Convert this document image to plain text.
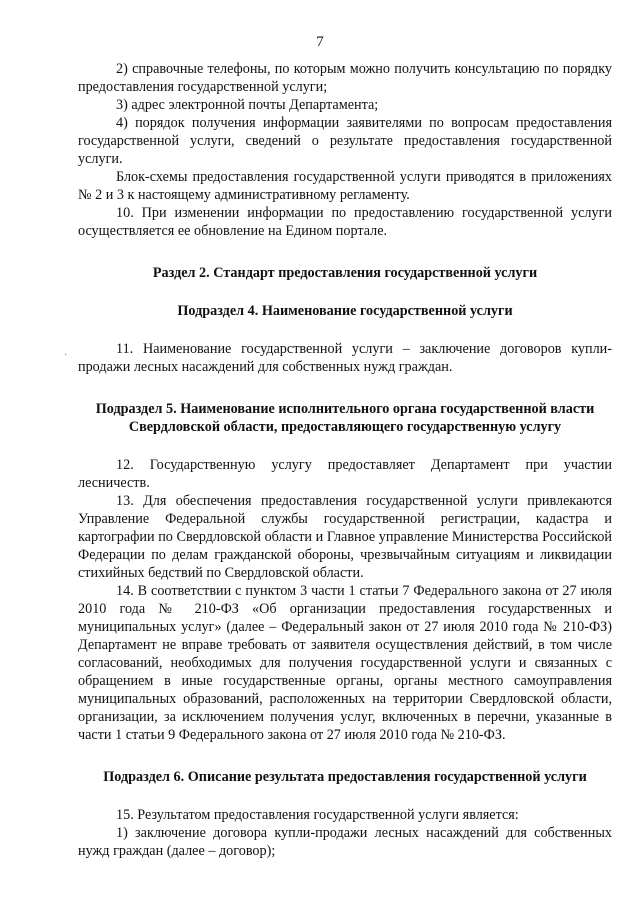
7

2) справочные телефоны, по которым можно получить консультацию по порядку предоставления государственной услуги;

3) адрес электронной почты Департамента;

4) порядок получения информации заявителями по вопросам предоставления государственной услуги, сведений о результате предоставления государственной услуги.

Блок-схемы предоставления государственной услуги приводятся в приложениях № 2 и 3 к настоящему административному регламенту.

10. При изменении информации по предоставлению государственной услуги осуществляется ее обновление на Едином портале.

Раздел 2. Стандарт предоставления государственной услуги

Подраздел 4. Наименование государственной услуги

11. Наименование государственной услуги – заключение договоров купли-продажи лесных насаждений для собственных нужд граждан.

Подраздел 5. Наименование исполнительного органа государственной власти Свердловской области, предоставляющего государственную услугу

12. Государственную услугу предоставляет Департамент при участии лесничеств.

13. Для обеспечения предоставления государственной услуги привлекаются Управление Федеральной службы государственной регистрации, кадастра и картографии по Свердловской области и Главное управление Министерства Российской Федерации по делам гражданской обороны, чрезвычайным ситуациям и ликвидации стихийных бедствий по Свердловской области.

14. В соответствии с пунктом 3 части 1 статьи 7 Федерального закона от 27 июля 2010 года № 210-ФЗ «Об организации предоставления государственных и муниципальных услуг» (далее – Федеральный закон от 27 июля 2010 года № 210-ФЗ) Департамент не вправе требовать от заявителя осуществления действий, в том числе согласований, необходимых для получения государственной услуги и связанных с обращением в иные государственные органы, органы местного самоуправления муниципальных образований, расположенных на территории Свердловской области, организации, за исключением получения услуг, включенных в перечни, указанные в части 1 статьи 9 Федерального закона от 27 июля 2010 года № 210-ФЗ.

Подраздел 6. Описание результата предоставления государственной услуги

15. Результатом предоставления государственной услуги является:

1) заключение договора купли-продажи лесных насаждений для собственных нужд граждан (далее – договор);

·
